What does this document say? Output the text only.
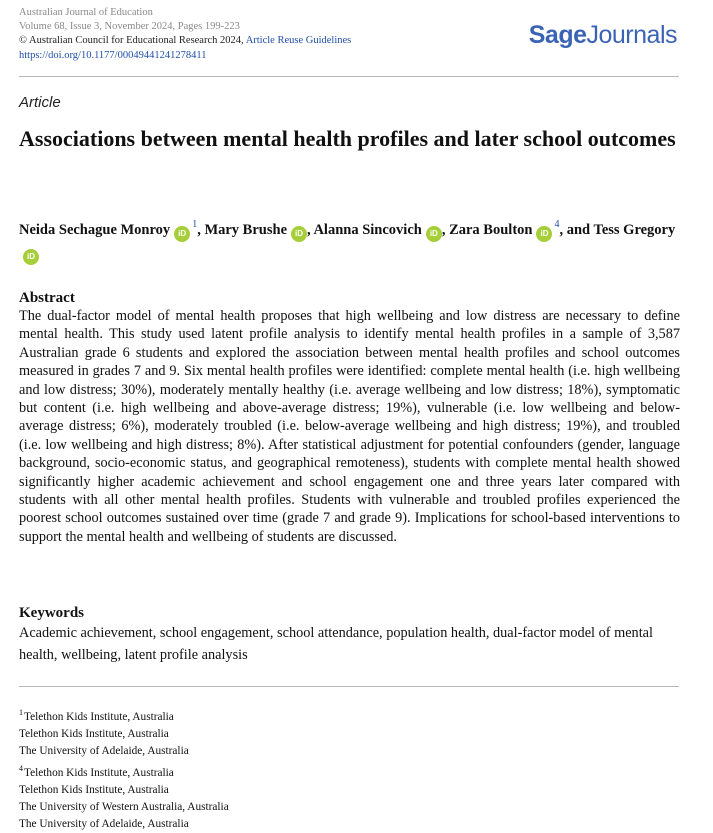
Australian Journal of Education
Volume 68, Issue 3, November 2024, Pages 199-223
© Australian Council for Educational Research 2024, Article Reuse Guidelines
https://doi.org/10.1177/00049441241278411
SageJournals
Article
Associations between mental health profiles and later school outcomes
Neida Sechague Monroy $iD^1$, Mary Brushe iD , Alanna Sincovich iD , Zara Boulton $iD^4$, and Tess GregoryiD
Abstract

The dual-factor model of mental health proposes that high wellbeing and low distress are necessary to define mental health. This study used latent profile analysis to identify mental health profiles in a sample of 3,587 Australian grade 6 students and explored the association between mental health profiles and school outcomes measured in grades 7 and 9. Six mental health profiles were identified: complete mental health (i.e. high wellbeing and low distress; 30%), moderately mentally healthy (i.e. average wellbeing and low distress; 18%), symptomatic but content (i.e. high wellbeing and above-average distress; 19%), vulnerable (i.e. low wellbeing and below-average distress; 6%), moderately troubled (i.e. below-average wellbeing and high distress; 19%), and troubled (i.e. low wellbeing and high distress; 8%). After statistical adjustment for potential confounders (gender, language background, socio-economic status, and geographical remoteness), students with complete mental health showed significantly higher academic achievement and school engagement one and three years later compared with students with all other mental health profiles. Students with vulnerable and troubled profiles experienced the poorest school outcomes sustained over time (grade 7 and grade 9). Implications for school-based interventions to support the mental health and wellbeing of students are discussed.

Keywords

Academic achievement, school engagement, school attendance, population health, dual-factor model of mental health, wellbeing, latent profile analysis

$^1$Telethon Kids Institute, Australia
Telethon Kids Institute, Australia
The University of Adelaide, Australia
$^4$Telethon Kids Institute, Australia
Telethon Kids Institute, Australia
The University of Western Australia, Australia
The University of Adelaide, Australia
